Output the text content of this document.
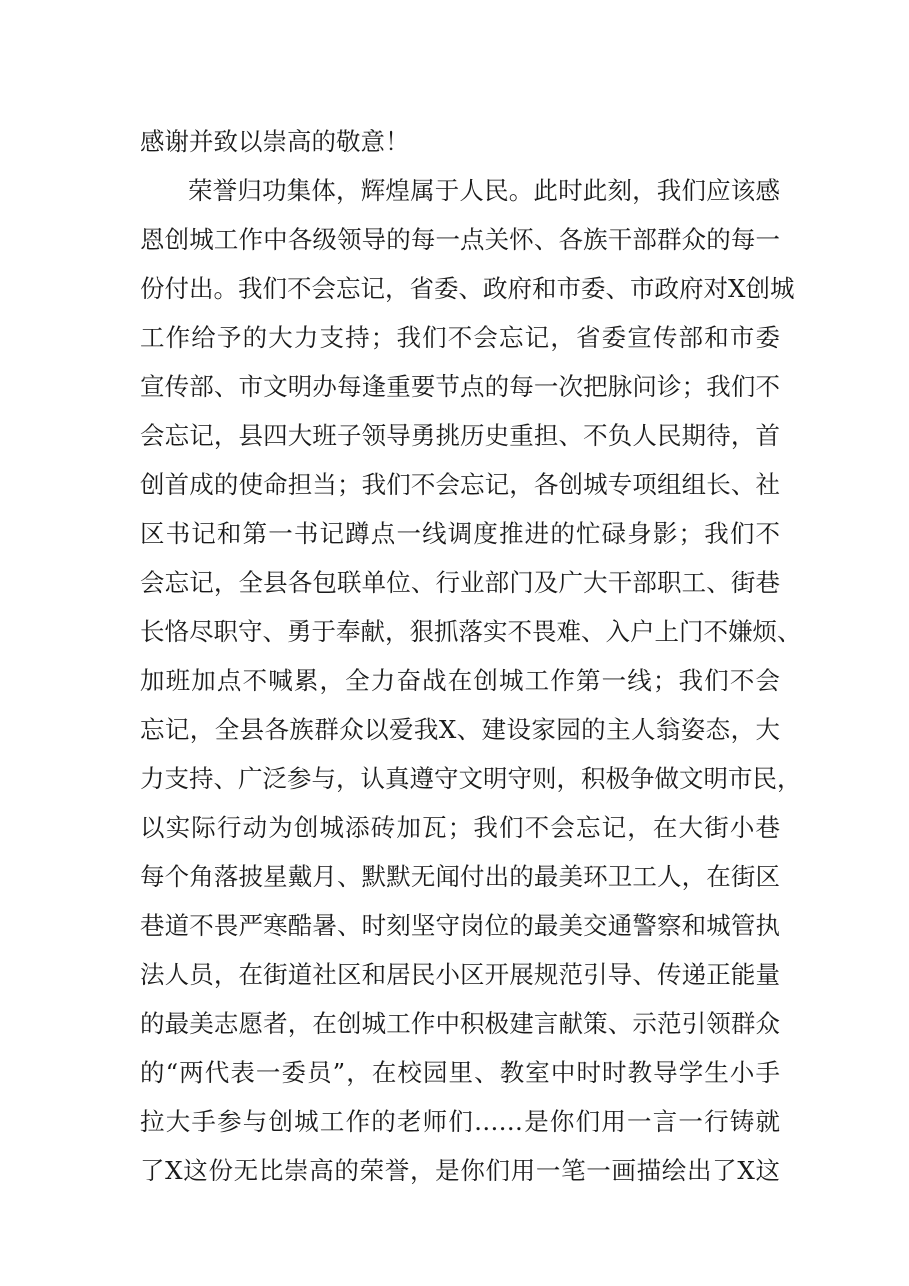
感谢并致以崇高的敬意！
荣誉归功集体，辉煌属于人民。此时此刻，我们应该感
恩创城工作中各级领导的每一点关怀、各族干部群众的每一
份付出。我们不会忘记，省委、政府和市委、市政府对X创城
工作给予的大力支持；我们不会忘记，省委宣传部和市委
宣传部、市文明办每逢重要节点的每一次把脉问诊；我们不
会忘记，县四大班子领导勇挑历史重担、不负人民期待，首
创首成的使命担当；我们不会忘记，各创城专项组组长、社
区书记和第一书记蹲点一线调度推进的忙碌身影；我们不
会忘记，全县各包联单位、行业部门及广大干部职工、街巷
长恪尽职守、勇于奉献，狠抓落实不畏难、入户上门不嫌烦、
加班加点不喊累，全力奋战在创城工作第一线；我们不会
忘记，全县各族群众以爱我X、建设家园的主人翁姿态，大
力支持、广泛参与，认真遵守文明守则，积极争做文明市民，
以实际行动为创城添砖加瓦；我们不会忘记，在大街小巷
每个角落披星戴月、默默无闻付出的最美环卫工人，在街区
巷道不畏严寒酷暑、时刻坚守岗位的最美交通警察和城管执
法人员，在街道社区和居民小区开展规范引导、传递正能量
的最美志愿者，在创城工作中积极建言献策、示范引领群众
的“两代表一委员”，在校园里、教室中时时教导学生小手
拉大手参与创城工作的老师们……是你们用一言一行铸就
了X这份无比崇高的荣誉，是你们用一笔一画描绘出了X这
